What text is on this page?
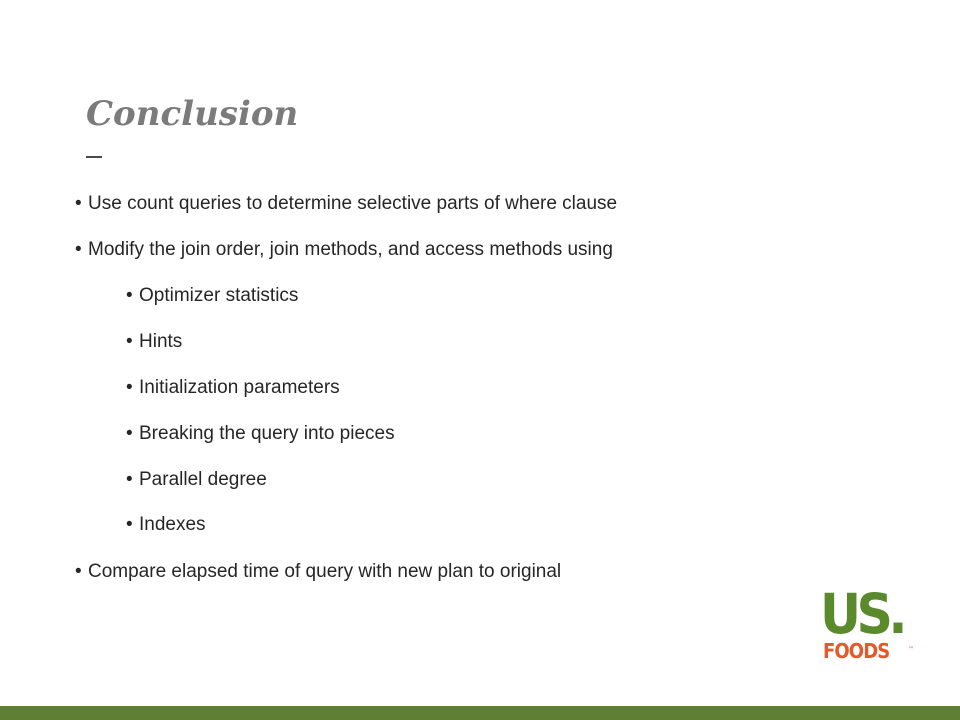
Conclusion
• Use count queries to determine selective parts of where clause
• Modify the join order, join methods, and access methods using
• Optimizer statistics
• Hints
• Initialization parameters
• Breaking the query into pieces
• Parallel degree
• Indexes
• Compare elapsed time of query with new plan to original
US.
FOODS	™
